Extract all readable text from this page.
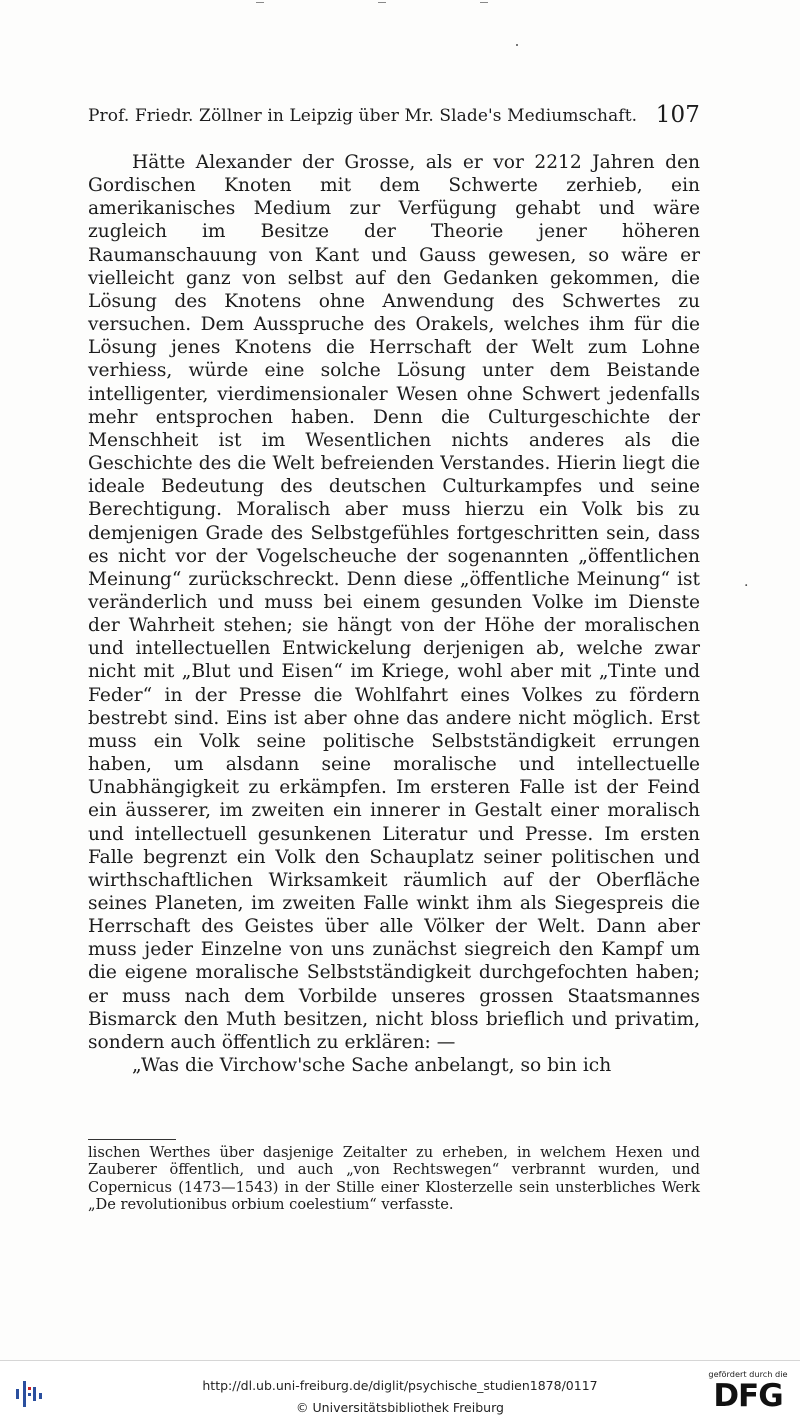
Prof. Friedr. Zöllner in Leipzig über Mr. Slade's Mediumschaft. 107

Hätte Alexander der Grosse, als er vor 2212 Jahren den Gordischen Knoten mit dem Schwerte zerhieb, ein amerikanisches Medium zur Verfügung gehabt und wäre zugleich im Besitze der Theorie jener höheren Raumanschauung von Kant und Gauss gewesen, so wäre er vielleicht ganz von selbst auf den Gedanken gekommen, die Lösung des Knotens ohne Anwendung des Schwertes zu versuchen. Dem Ausspruche des Orakels, welches ihm für die Lösung jenes Knotens die Herrschaft der Welt zum Lohne verhiess, würde eine solche Lösung unter dem Beistande intelligenter, vierdimensionaler Wesen ohne Schwert jedenfalls mehr entsprochen haben. Denn die Culturgeschichte der Menschheit ist im Wesentlichen nichts anderes als die Geschichte des die Welt befreienden Verstandes. Hierin liegt die ideale Bedeutung des deutschen Culturkampfes und seine Berechtigung. Moralisch aber muss hierzu ein Volk bis zu demjenigen Grade des Selbstgefühles fortgeschritten sein, dass es nicht vor der Vogelscheuche der sogenannten „öffentlichen Meinung“ zurückschreckt. Denn diese „öffentliche Meinung“ ist veränderlich und muss bei einem gesunden Volke im Dienste der Wahrheit stehen; sie hängt von der Höhe der moralischen und intellectuellen Entwickelung derjenigen ab, welche zwar nicht mit „Blut und Eisen“ im Kriege, wohl aber mit „Tinte und Feder“ in der Presse die Wohlfahrt eines Volkes zu fördern bestrebt sind. Eins ist aber ohne das andere nicht möglich. Erst muss ein Volk seine politische Selbstständigkeit errungen haben, um alsdann seine moralische und intellectuelle Unabhängigkeit zu erkämpfen. Im ersteren Falle ist der Feind ein äusserer, im zweiten ein innerer in Gestalt einer moralisch und intellectuell gesunkenen Literatur und Presse. Im ersten Falle begrenzt ein Volk den Schauplatz seiner politischen und wirthschaftlichen Wirksamkeit räumlich auf der Oberfläche seines Planeten, im zweiten Falle winkt ihm als Siegespreis die Herrschaft des Geistes über alle Völker der Welt. Dann aber muss jeder Einzelne von uns zunächst siegreich den Kampf um die eigene moralische Selbstständigkeit durchgefochten haben; er muss nach dem Vorbilde unseres grossen Staatsmannes Bismarck den Muth besitzen, nicht bloss brieflich und privatim, sondern auch öffentlich zu erklären: —

„Was die Virchow'sche Sache anbelangt, so bin ich

·
lischen Werthes über dasjenige Zeitalter zu erheben, in welchem Hexen und Zauberer öffentlich, und auch „von Rechtswegen“ verbrannt wurden, und Copernicus (1473—1543) in der Stille einer Klosterzelle sein unsterbliches Werk „De revolutionibus orbium coelestium“ verfasste.
http://dl.ub.uni-freiburg.de/diglit/psychische_studien1878/0117
© Universitätsbibliothek Freiburg
gefördert durch die
DFG
